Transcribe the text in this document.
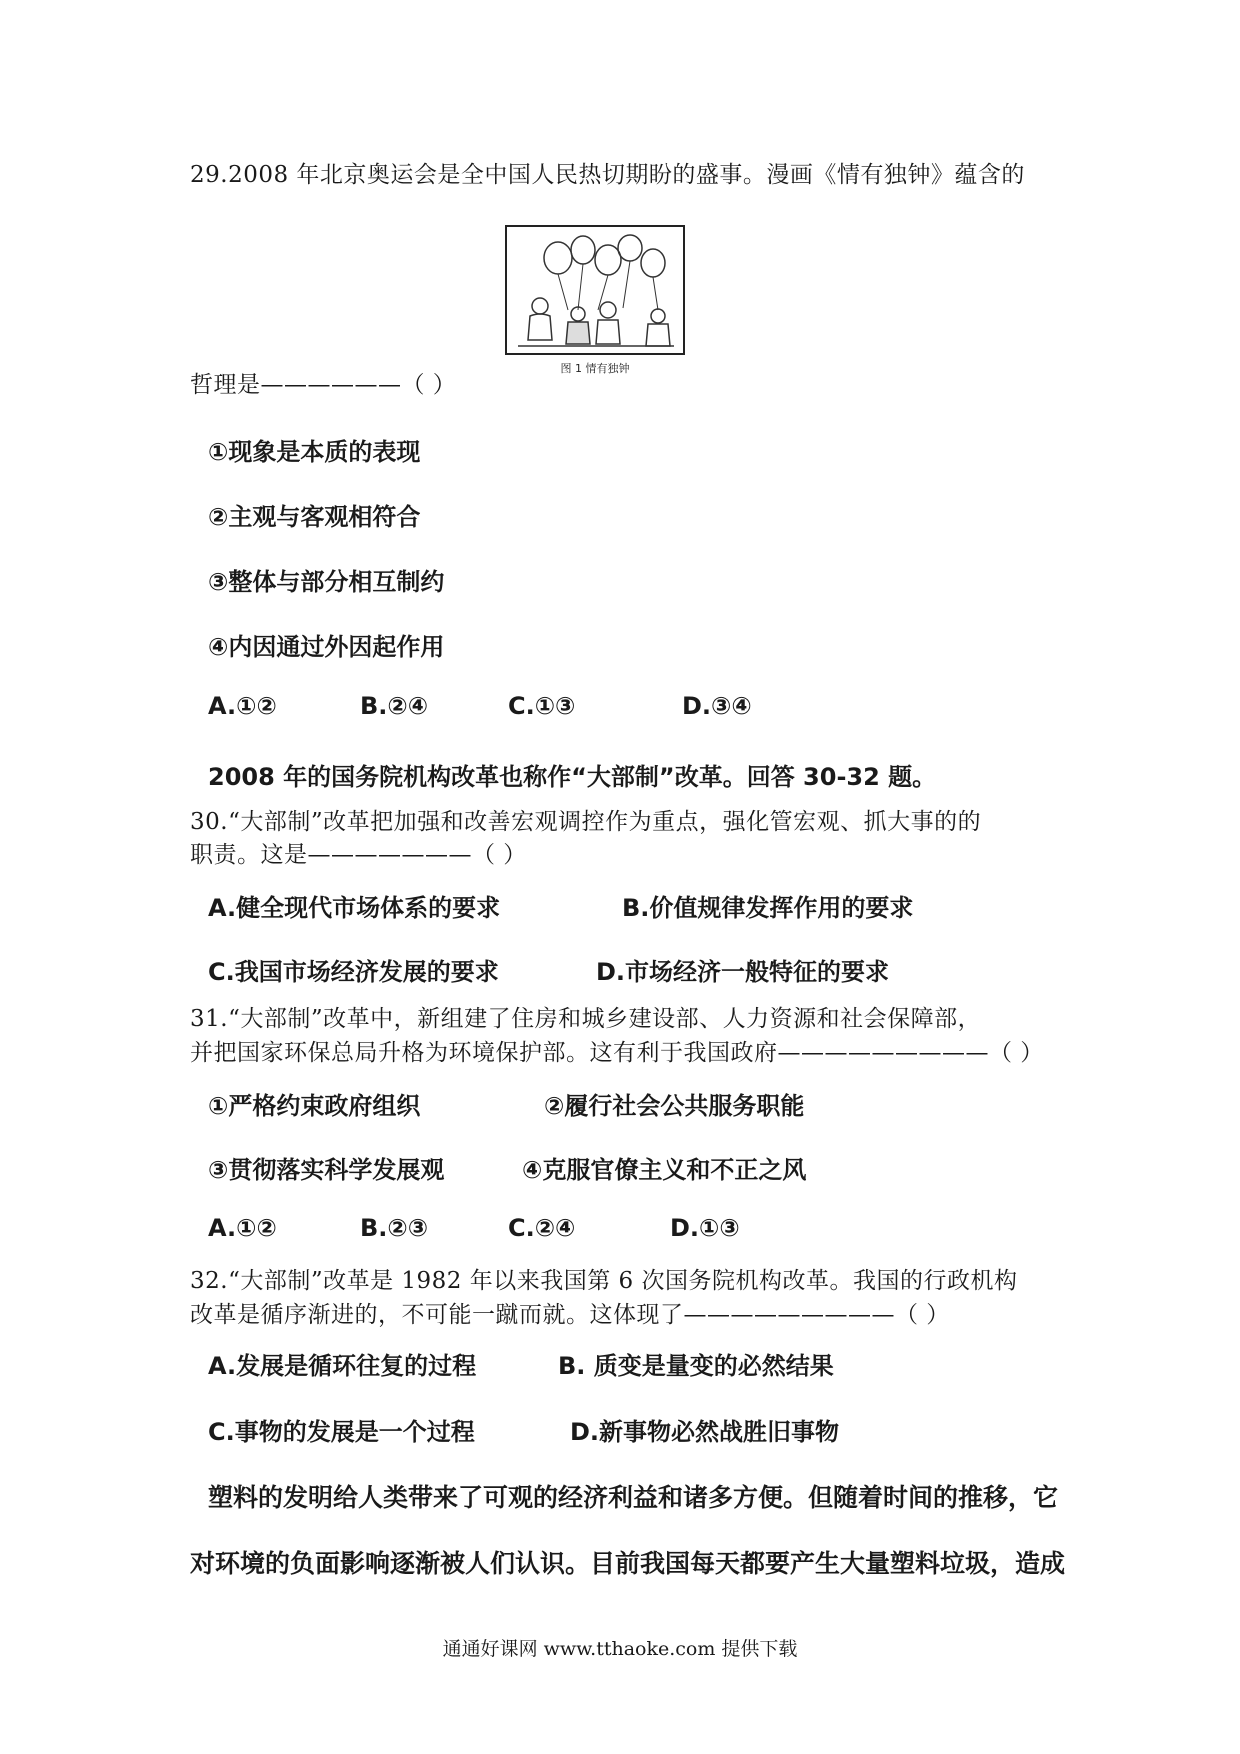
29.2008 年北京奥运会是全中国人民热切期盼的盛事。漫画《情有独钟》蕴含的
图 1 情有独钟
哲理是——————（ ）
①现象是本质的表现
②主观与客观相符合
③整体与部分相互制约
④内因通过外因起作用
A.①②	B.②④	C.①③	D.③④
2008 年的国务院机构改革也称作“大部制”改革。回答 30-32 题。
30.“大部制”改革把加强和改善宏观调控作为重点，强化管宏观、抓大事的的
职责。这是———————（ ）
A.健全现代市场体系的要求	B.价值规律发挥作用的要求
C.我国市场经济发展的要求	D.市场经济一般特征的要求
31.“大部制”改革中，新组建了住房和城乡建设部、人力资源和社会保障部，
并把国家环保总局升格为环境保护部。这有利于我国政府—————————（ ）
①严格约束政府组织	②履行社会公共服务职能
③贯彻落实科学发展观	④克服官僚主义和不正之风
A.①②	B.②③	C.②④	D.①③
32.“大部制”改革是 1982 年以来我国第 6 次国务院机构改革。我国的行政机构
改革是循序渐进的，不可能一蹴而就。这体现了—————————（ ）
A.发展是循环往复的过程	B. 质变是量变的必然结果
C.事物的发展是一个过程	D.新事物必然战胜旧事物
塑料的发明给人类带来了可观的经济利益和诸多方便。但随着时间的推移，它
对环境的负面影响逐渐被人们认识。目前我国每天都要产生大量塑料垃圾，造成
通通好课网 www.tthaoke.com 提供下载
